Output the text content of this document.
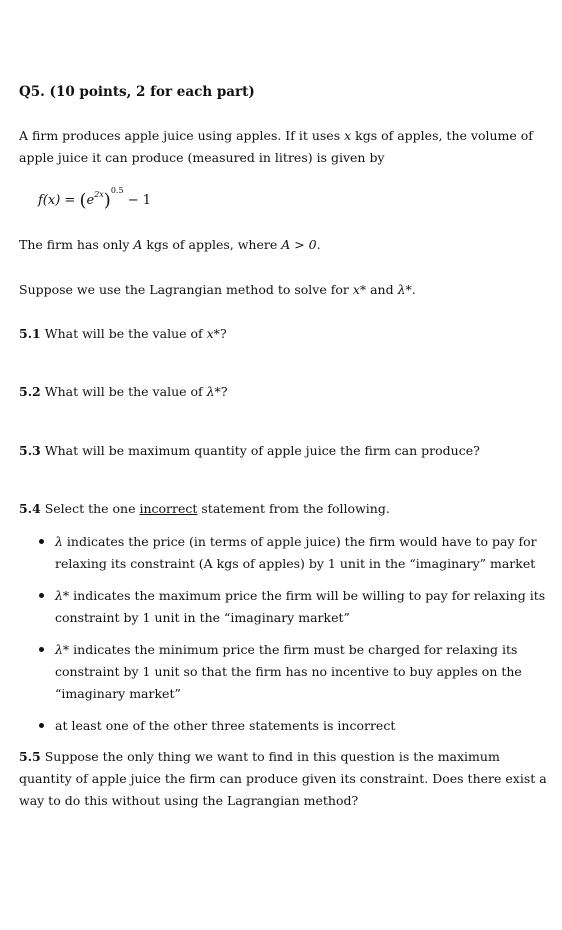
Q5. (10 points, 2 for each part)
A firm produces apple juice using apples. If it uses x kgs of apples, the volume of apple juice it can produce (measured in litres) is given by
$f(x) = (e^{2x})^{0.5} - 1$
The firm has only A kgs of apples, where A > 0.
Suppose we use the Lagrangian method to solve for x* and λ*.
5.1 What will be the value of x*?
5.2 What will be the value of λ*?
5.3 What will be maximum quantity of apple juice the firm can produce?
5.4 Select the one incorrect statement from the following.
λ indicates the price (in terms of apple juice) the firm would have to pay for relaxing its constraint (A kgs of apples) by 1 unit in the “imaginary” market
λ* indicates the maximum price the firm will be willing to pay for relaxing its constraint by 1 unit in the “imaginary market”
λ* indicates the minimum price the firm must be charged for relaxing its constraint by 1 unit so that the firm has no incentive to buy apples on the “imaginary market”
at least one of the other three statements is incorrect
5.5 Suppose the only thing we want to find in this question is the maximum quantity of apple juice the firm can produce given its constraint. Does there exist a way to do this without using the Lagrangian method?
